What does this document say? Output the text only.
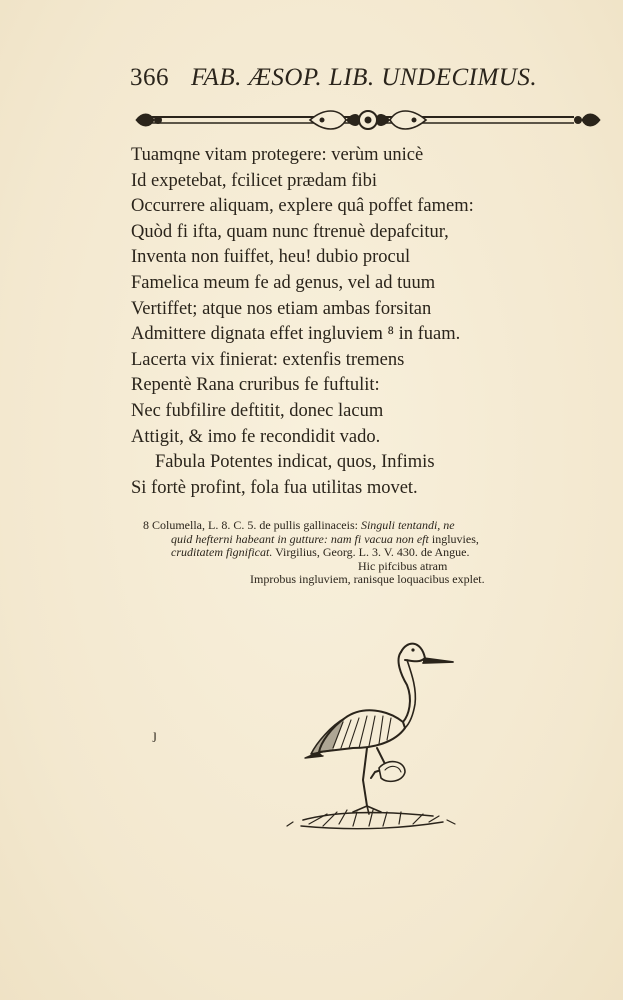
366 FAB. ÆSOP. LIB. UNDECIMUS.
Tuamqne vitam protegere: verùm unicè
Id expetebat, fcilicet prædam fibi
Occurrere aliquam, explere quâ poffet famem:
Quòd fi ifta, quam nunc ftrenuè depafcitur,
Inventa non fuiffet, heu! dubio procul
Famelica meum fe ad genus, vel ad tuum
Vertiffet; atque nos etiam ambas forsitan
Admittere dignata effet ingluviem ⁸ in fuam.
Lacerta vix finierat: extenfis tremens
Repentè Rana cruribus fe fuftulit:
Nec fubfilire deftitit, donec lacum
Attigit, & imo fe recondidit vado.
Fabula Potentes indicat, quos, Infimis
Si fortè profint, fola fua utilitas movet.
8 Columella, L. 8. C. 5. de pullis gallinaceis: Singuli tentandi, ne
quid hefterni habeant in gutture: nam fi vacua non eft ingluvies,
cruditatem fignificat. Virgilius, Georg. L. 3. V. 430. de Angue.
Hic pifcibus atram
Improbus ingluviem, ranisque loquacibus explet.
ȷ
